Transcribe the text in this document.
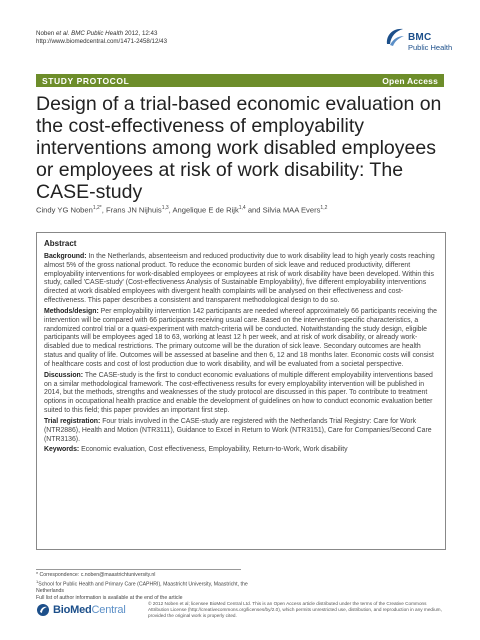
Noben et al. BMC Public Health 2012, 12:43
http://www.biomedcentral.com/1471-2458/12/43	BMC
Public Health
STUDY PROTOCOL	Open Access
Design of a trial-based economic evaluation on the cost-effectiveness of employability interventions among work disabled employees or employees at risk of work disability: The CASE-study
Cindy YG Noben$^{1,2*}$, Frans JN Nijhuis$^{1,3}$, Angelique E de Rijk$^{1,4}$ and Silvia MAA Evers$^{1,2}$
Abstract

Background: In the Netherlands, absenteeism and reduced productivity due to work disability lead to high yearly costs reaching almost 5% of the gross national product. To reduce the economic burden of sick leave and reduced productivity, different employability interventions for work-disabled employees or employees at risk of work disability have been developed. Within this study, called 'CASE-study' (Cost-effectiveness Analysis of Sustainable Employability), five different employability interventions directed at work disabled employees with divergent health complaints will be analysed on their effectiveness and cost-effectiveness. This paper describes a consistent and transparent methodological design to do so.

Methods/design: Per employability intervention 142 participants are needed whereof approximately 66 participants receiving the intervention will be compared with 66 participants receiving usual care. Based on the intervention-specific characteristics, a randomized control trial or a quasi-experiment with match-criteria will be conducted. Notwithstanding the study design, eligible participants will be employees aged 18 to 63, working at least 12 h per week, and at risk of work disability, or already work-disabled due to medical restrictions. The primary outcome will be the duration of sick leave. Secondary outcomes are health status and quality of life. Outcomes will be assessed at baseline and then 6, 12 and 18 months later. Economic costs will consist of healthcare costs and cost of lost production due to work disability, and will be evaluated from a societal perspective.

Discussion: The CASE-study is the first to conduct economic evaluations of multiple different employability interventions based on a similar methodological framework. The cost-effectiveness results for every employability intervention will be published in 2014, but the methods, strengths and weaknesses of the study protocol are discussed in this paper. To contribute to treatment options in occupational health practice and enable the development of guidelines on how to conduct economic evaluation better suited to this field; this paper provides an important first step.

Trial registration: Four trials involved in the CASE-study are registered with the Netherlands Trial Registry: Care for Work (NTR2886), Health and Motion (NTR3111), Guidance to Excel in Return to Work (NTR3151), Care for Companies/Second Care (NTR3136).

Keywords: Economic evaluation, Cost effectiveness, Employability, Return-to-Work, Work disability

* Correspondence: c.noben@maastrichtuniversity.nl
$^1$School for Public Health and Primary Care (CAPHRI), Maastricht University, Maastricht, the Netherlands
Full list of author information is available at the end of the article
BioMedCentral
© 2012 Noben et al; licensee BioMed Central Ltd. This is an Open Access article distributed under the terms of the Creative Commons Attribution License (http://creativecommons.org/licenses/by/2.0), which permits unrestricted use, distribution, and reproduction in any medium, provided the original work is properly cited.
